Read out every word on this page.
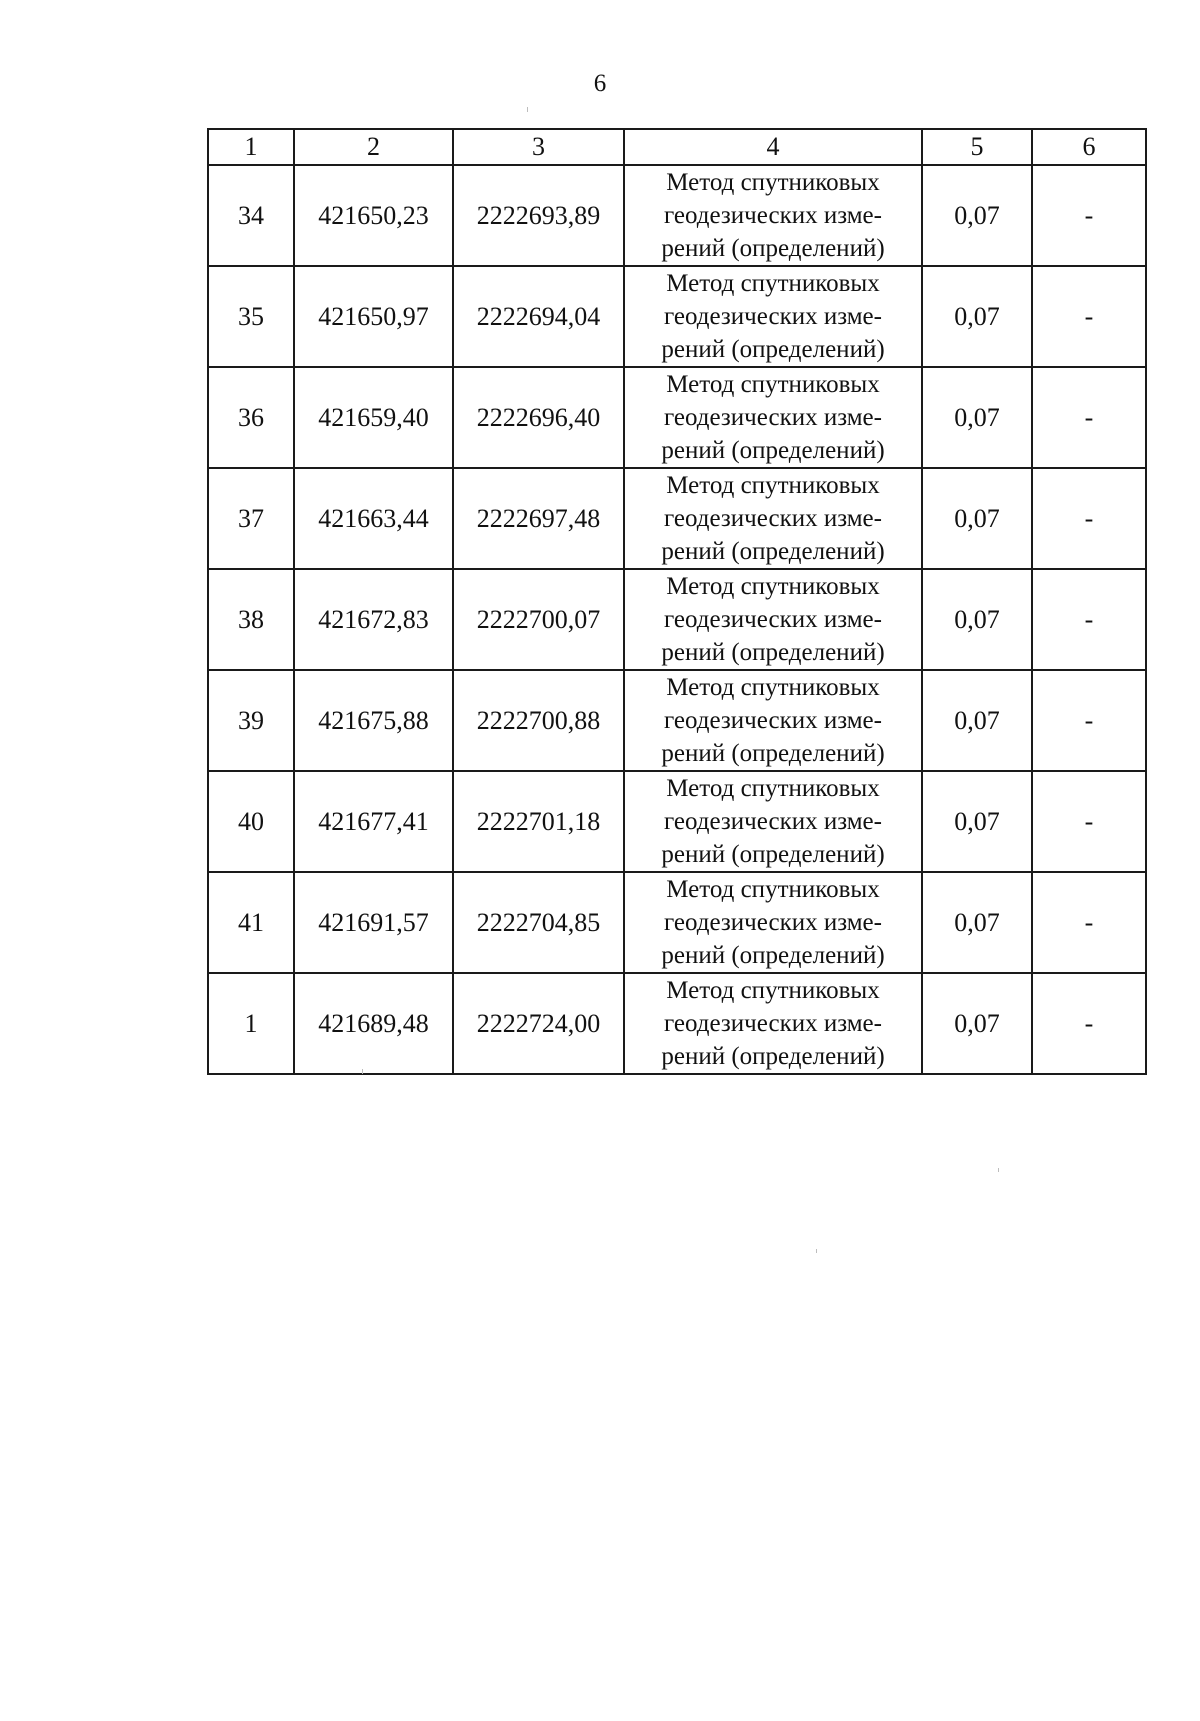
6
1	2	3	4	5	6
34	421650,23	2222693,89	Метод спутниковых
геодезических изме-
рений (определений)	0,07	-
35	421650,97	2222694,04	Метод спутниковых
геодезических изме-
рений (определений)	0,07	-
36	421659,40	2222696,40	Метод спутниковых
геодезических изме-
рений (определений)	0,07	-
37	421663,44	2222697,48	Метод спутниковых
геодезических изме-
рений (определений)	0,07	-
38	421672,83	2222700,07	Метод спутниковых
геодезических изме-
рений (определений)	0,07	-
39	421675,88	2222700,88	Метод спутниковых
геодезических изме-
рений (определений)	0,07	-
40	421677,41	2222701,18	Метод спутниковых
геодезических изме-
рений (определений)	0,07	-
41	421691,57	2222704,85	Метод спутниковых
геодезических изме-
рений (определений)	0,07	-
1	421689,48	2222724,00	Метод спутниковых
геодезических изме-
рений (определений)	0,07	-
